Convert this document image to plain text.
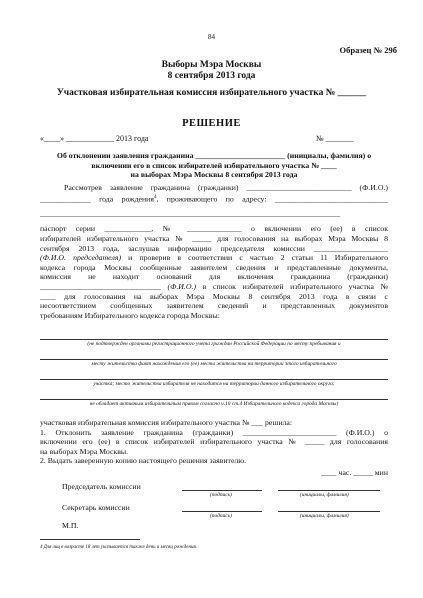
84
Образец № 29б
Выборы Мэра Москвы
8 сентября 2013 года
Участковая избирательная комиссия избирательного участка № ______
РЕШЕНИЕ
«____» ____________ 2013 года	№ _______
Об отклонении заявления гражданина _______________________ (инициалы, фамилия) о
включении его в список избирателей избирательного участка № ____
на выборах Мэра Москвы 8 сентября 2013 года
Рассмотрев заявление гражданина (гражданки) ___________________________ (Ф.И.О.)
_____________ года рождения$^4$, проживающего по адресу: _____________________________
_____________________________________________________________________________
паспорт серии ____________, № ______________ о включении его (ее) в список
избирателей избирательного участка № _____ для голосования на выборах Мэра Москвы 8
сентября 2013 года, заслушав информацию председателя комиссии ___________________
(Ф.И.О. председателя) и проверив в соответствии с частью 2 статьи 11 Избирательного
кодекса города Москвы сообщенные заявителем сведения и представленные документы,
комиссия не находит оснований для включения гражданина (гражданки)
_______________________________ (Ф.И.О.) в список избирателей избирательного участка №
____ для голосования на выборах Мэра Москвы 8 сентября 2013 года в связи с
несоответствием сообщенных заявителем сведений и представленных документов
требованиям Избирательного кодекса города Москвы:
(не подтвержден органами регистрационного учета граждан Российской Федерации по месту пребывания и
месту жительства факт нахождения его (ее) места жительства на территории этого избирательного
участка; место жительства избирателя не находится на территории данного избирательного округа;
не обладает активным избирательным правом согласно ч.10 ст.4 Избирательного кодекса города Москвы)
участковая избирательная комиссия избирательного участка № ___ решила:
1. Отклонить заявление гражданина (гражданки) ________________________ (Ф.И.О.) о
включении его (ее) в список избирателей избирательного участка № _____ для голосования
на выборах Мэра Москвы.
2. Выдать заверенную копию настоящего решения заявителю.
____ час. _____ мин
Председатель комиссии
(подпись)	(инициалы, фамилия)
Секретарь комиссии
(подпись)	(инициалы, фамилия)
М.П.
4 Для лиц в возрасте 18 лет указывается также день и месяц рождения.
